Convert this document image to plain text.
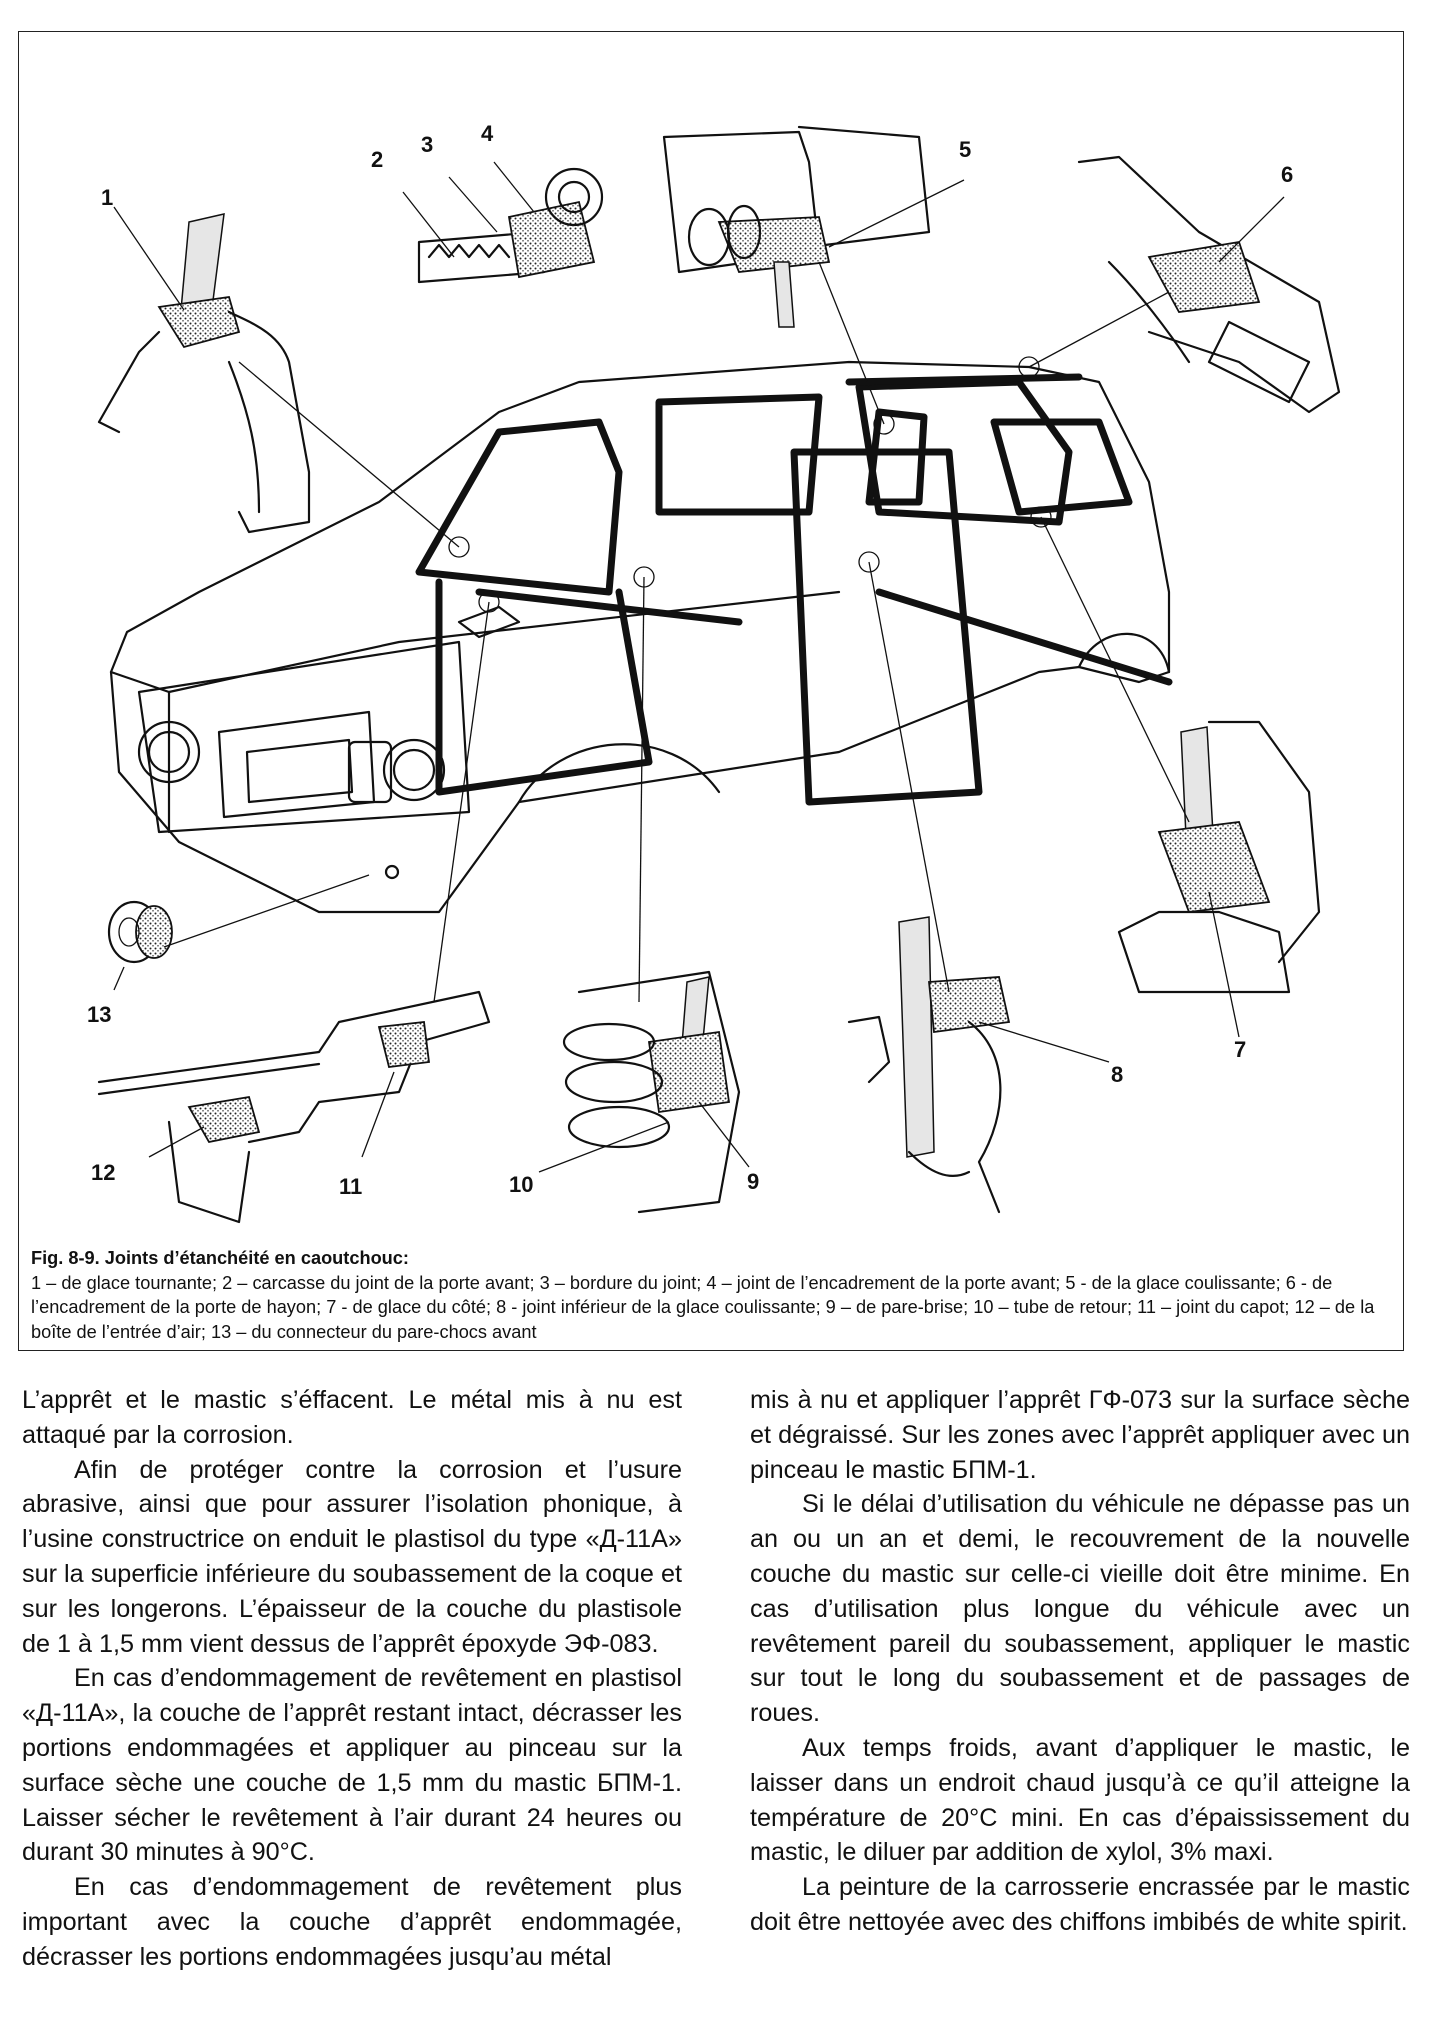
1
2
3 4
5
6
7
8
9
10
11
12
13
Fig. 8-9. Joints d’étanchéité en caoutchouc:
1 – de glace tournante; 2 – carcasse du joint de la porte avant; 3 – bordure du joint; 4 – joint de l’encadrement de la porte avant; 5 - de la glace coulissante; 6 - de l’encadrement de la porte de hayon; 7 - de glace du côté; 8 - joint inférieur de la glace coulissante; 9 – de pare-brise; 10 – tube de retour; 11 – joint du capot; 12 – de la boîte de l’entrée d’air; 13 – du connecteur du pare-chocs avant

L’apprêt et le mastic s’éffacent. Le métal mis à nu est attaqué par la corrosion.

Afin de protéger contre la corrosion et l’usure abrasive, ainsi que pour assurer l’isolation phonique, à l’usine constructrice on enduit le plastisol du type «Д-11А» sur la superficie inférieure du soubassement de la coque et sur les longerons. L’épaisseur de la couche du plastisole de 1 à 1,5 mm vient dessus de l’apprêt époxyde ЭФ-083.

En cas d’endommagement de revêtement en plastisol «Д-11А», la couche de l’apprêt restant intact, décrasser les portions endommagées et appliquer au pinceau sur la surface sèche une couche de 1,5 mm du mastic БПМ-1. Laisser sécher le revêtement à l’air durant 24 heures ou durant 30 minutes à 90°С.

En cas d’endommagement de revêtement plus important avec la couche d’apprêt endommagée, décrasser les portions endommagées jusqu’au métal

mis à nu et appliquer l’apprêt ГФ-073 sur la surface sèche et dégraissé. Sur les zones avec l’apprêt appliquer avec un pinceau le mastic БПМ-1.

Si le délai d’utilisation du véhicule ne dépasse pas un an ou un an et demi, le recouvrement de la nouvelle couche du mastic sur celle-ci vieille doit être minime. En cas d’utilisation plus longue du véhicule avec un revêtement pareil du soubassement, appliquer le mastic sur tout le long du soubassement et de passages de roues.

Aux temps froids, avant d’appliquer le mastic, le laisser dans un endroit chaud jusqu’à ce qu’il atteigne la température de 20°С mini. En cas d’épaississement du mastic, le diluer par addition de xylol, 3% maxi.

La peinture de la carrosserie encrassée par le mastic doit être nettoyée avec des chiffons imbibés de white spirit.
